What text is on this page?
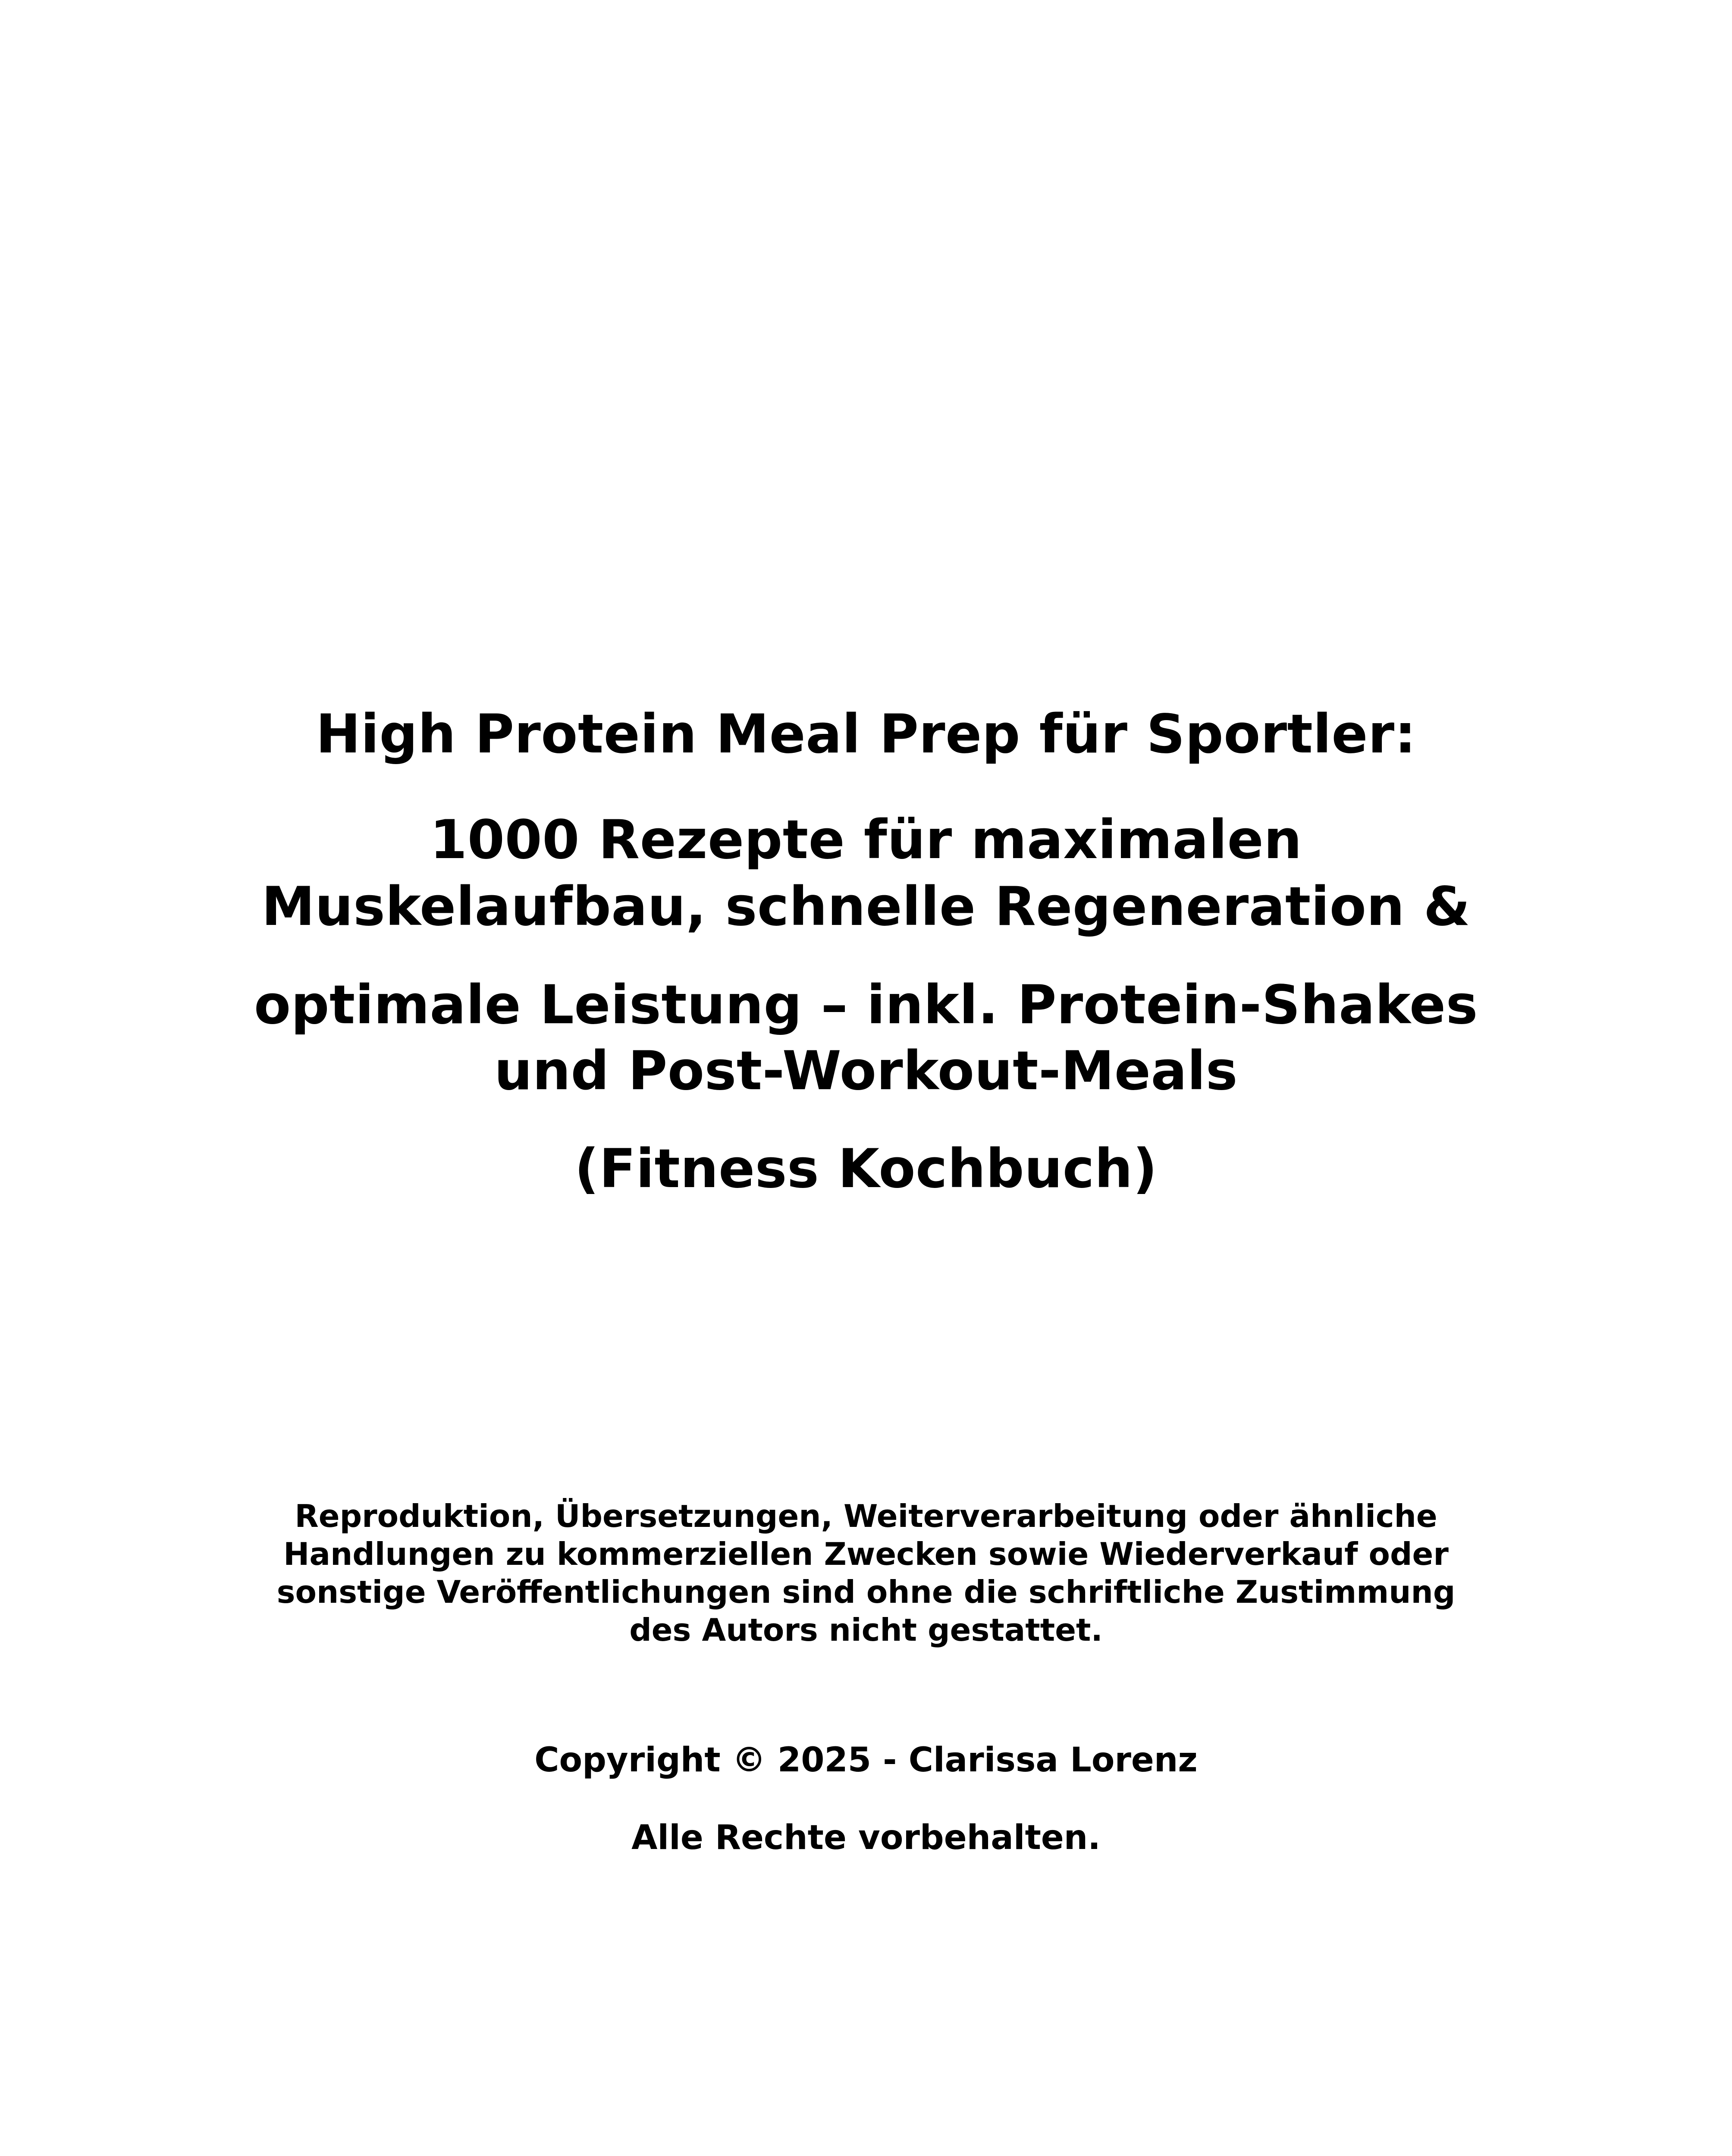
High Protein Meal Prep für Sportler:
1000 Rezepte für maximalen
Muskelaufbau, schnelle Regeneration &
optimale Leistung – inkl. Protein-Shakes
und Post-Workout-Meals
(Fitness Kochbuch)
Reproduktion, Übersetzungen, Weiterverarbeitung oder ähnliche
Handlungen zu kommerziellen Zwecken sowie Wiederverkauf oder
sonstige Veröffentlichungen sind ohne die schriftliche Zustimmung
des Autors nicht gestattet.
Copyright © 2025 - Clarissa Lorenz
Alle Rechte vorbehalten.
